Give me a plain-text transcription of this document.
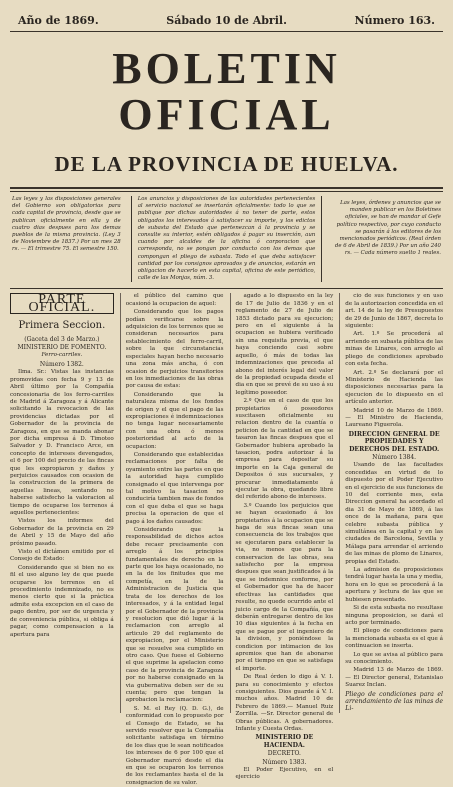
Año de 1869.	Sábado 10 de Abril.	Número 163.
BOLETIN OFICIAL
DE LA PROVINCIA DE HUELVA.
Las leyes y las disposiciones generales del Gobierno son obligatorias para cada capital de provincia, desde que se publican oficialmente en ella y de cuatro dias despues para los demas pueblos de la misma provincia. (Ley 3 de Noviembre de 1837.) Por un mes 28 rs. — El trimestre 75. El semestre 150.
Los anuncios y disposiciones de las autoridades pertenecientes al servicio nacional se insertarán oficialmente: todo lo que se publique por dichas autoridades á no tener de parte, estos obligados los interesados á satisfacer su importe, y los edictos de subasta del Estado que pertenezcan á la provincia y se consulte su interior, estén obligados á pagar su inserción, aun cuando por alcaldes de la oficina ó corporacion que corresponda, no se pongan por conducto con los demas que compongan el pliego de subasta. Todo el que deba satisfacer cantidad por los consignos aprovados y de anuncios, estarán en obligacion de hacerlo en esta capital, oficina de este periódico, calle de las Monjas, núm. 3.
Las leyes, órdenes y anuncios que se manden publicar en los Boletines oficiales, se han de mandar al Gefe político respectivo, por cuyo conducto se pasarán á los editores de los mencionados periódicos. (Real órden de 6 de Abril de 1839.) Por un año 240 rs. — Cada número suelto 1 reales.
PARTE OFICIAL.
Primera Seccion.

(Gaceta del 3 de Marzo.)

MINISTERIO DE FOMENTO.

Ferro-carriles.

Número 1382.

Ilma. Sr.: Vistas las instancias promovidas con fecha 9 y 13 de Abril último por la Compañía concesionaria de los ferro-carriles de Madrid á Zaragoza y á Alicante solicitando la revocacion de las providencias dictadas por el Gobernador de la provincia de Zaragoza, en que se manda abonar por dicha empresa á D. Timoteo Salvador y D. Francisco Arce, en concepto de intereses devengados, el 6 por 100 del precio de las fincas que les expropiaron y daños y perjuicios causados con ocasion de la construccion de la primera de aquellas lineas, sentando no haberse satisfecho la valoracion al tiempo de ocuparse los terrenos á aquellos pertenecientes:

Vistos los informes del Gobernador de la provincia en 29 de Abril y 15 de Mayo del año próximo pasado.

Visto el dictámen emitido por el Consejo de Estado:

Considerando que si bien no es fil el uso alguno ley de que puede ocuparse los terrenos en el procedimiento indemnizado, no es menos cierto que si la práctica admite esta excepcion en el caso de pago dentro, por ser de urgencia y de conveniencia pública, si obliga á pagar, como compensacion a la apertura para

el público del camino que ocasionó la ocupacion de aquel:

Considerando que los pagos podían verificarse sobre la adquisicion de los terrenos que se consideran necesarios para establecimiento del ferro-carril, sobre la que circunstancias especiales hayan hecho necesario una zona más ancha, ó con ocasion de perjuicios transitorios en los inmediaciones de las obras por causa de estas:

Considerando que la naturaleza misma de los fondos de origen y el que el pago de las expropiaciones é indemnizaciones no tenga lugar necesariamente con una obra ó menos posterioridad al acto de la ocupacion:

Considerando que establecidas reclamaciones por falta de oyamiento entre las partes en que la autoridad haya cumplido consignado el que intervenga por tal motivo la tasacion no conduciría tambien mas de fondos con el que deba el que se haga precisa la operacion de que el pago á los daños causados:

Considerando que la responsabilidad de dichos actos debe recaer precisamente con arreglo á los principios fundamentales de derecho en la parte que los haya ocasionado, no en la de los finitudes que me competía, en la de la Administracion de Justicia que trata de los derechos de los interesados, y á la entidad legal por el Gobernador de la provincia y resolucion que dió lugar á la reclamacion con arreglo al articulo 29 del reglamento de expropiacion, por el Ministerio que se resuelve sea cumplido en otro caso. Que fuese el Gobierno el que suprime la apelacion como caso de la provincia de Zaragoza por no haberse consignado en la via gubernativa deben ser de su cuenta; pero que tengan la aprobacion la reclamacion:

S. M. el Rey (Q. D. G.), de conformidad con lo propuesto por el Consejo de Estado, se ha servido resolver que la Compañía solicitante satisfaga en término de los dias que le sean notificados los intereses de 6 por 100 que el Gobernador marcó desde el dia en que se ocuparon los terrenos de los reclamantes hasta el de la consignacion de su valor.

agado a lo dispuesto en la ley de 17 de Julio de 1836 y en el reglamento de 27 de Julio de 1853 dictado para su ejecucion; pero en el siguiente á la ocupacion se hubiera verificado sin una requisita previa, el que haya conciendo casi sobre aquello, ó más de todas las indemnizaciones que preceda al abono del interés legal del valor de la propiedad ocupada desde el dia en que se prevé de su uso á su legítimo poseedor.

2.º Que en el caso de que los propietarios ó poseedores suscitasen oficialmente su relacion dentro de la cuantía o peticion de la cantidad en que se tasaron las fincas despues que el Gobernador hubiera aprobado la tasacion, podra autorizar á la empresa para depositar su importe en la Caja general de Depositos ó sus sucursales, y procurar inmediatamente á ejecutar la obra, quedando libre del referido abono de intereses.

3.º Cuando los perjuicios que se hayan ocasionado á los propietarios á la ocupacion que se haga de sus fincas sean una consecuencia de los trabajos que se ejecutaren para establecer la via, no menos que para la conservacion de las obras, sea satisfecho por la empresa despues que sean justificados á la que se indemnice conforme, por el Gobernador que ha de hacer efectivas las cantidades que resulte, no quede ocurrido ante el juicio cargo de la Compañía, que deberán entregarse dentro de los 10 dias siguientes á la fecha en que se pague por el ingeniero de la division, y poniéndose la condicion por intimacion de los apremios que han de abonarse por el tiempo en que se satisfaga el importe.

De Real órden lo digo á V. I. para su conocimiento y efectos consiguientes. Dios guarde á V. I. muchos años. Madrid 10 de Febrero de 1869.— Manuel Ruiz Zorrilla. —Sr. Director general de Obras públicas. A gobernadores. Infante y Cuesta Ordas.

MINISTERIO DE HACIENDA.

DECRETO.

Número 1383.

El Poder Ejecutivo, en el ejercicio

cio de sus funciones y en uso de la autorizacion concedida en el art. 14 de la ley de Presupuestos de 29 de Junio de 1867, decreta lo siguiente:

Art. 1.º Se procederá al arriendo en subasta pública de las minas de Linares, con arreglo al pliego de condiciones aprobado con esta fecha.

Art. 2.º Se declarará por el Ministerio de Hacienda las disposiciones necesarias para la ejecucion de lo dispuesto en el artículo anterior.

Madrid 10 de Marzo de 1869.— El Ministro de Hacienda, Laureano Figuerola.

DIRECCION GENERAL DE PROPIEDADES Y DERECHOS DEL ESTADO.

Número 1384.

Usando de las facultades concedidas en virtud de lo dispuesto por el Poder Ejecutivo en el ejercicio de sus funciones de 10 del corriente mes, esta Direccion general ha acordado el dia 31 de Mayo de 1869, á las once de la mañana, para que celebre subasta pública y simultánea en la capital y en las ciudades de Barcelona, Sevilla y Málaga para arrendar el arriendo de las minas de plomo de Linares, propias del Estado.

La admision de proposiciones tendrá lugar hasta la una y media, hora en lo que se procederá á la apertura y lectura de las que se hubiesen presentado.

Si de esta subasta no resultase ninguna proposicion, se dará el acto por terminado.

El pliego de condiciones para la mencionada subasta es el que á continuacion se inserta.

Lo que se avisa al público para su conocimiento.

Madrid 13 de Marzo de 1869.— El Director general, Estanislao Suarez Inclan.

Pliego de condiciones para el arrendamiento de las minas de Li-
